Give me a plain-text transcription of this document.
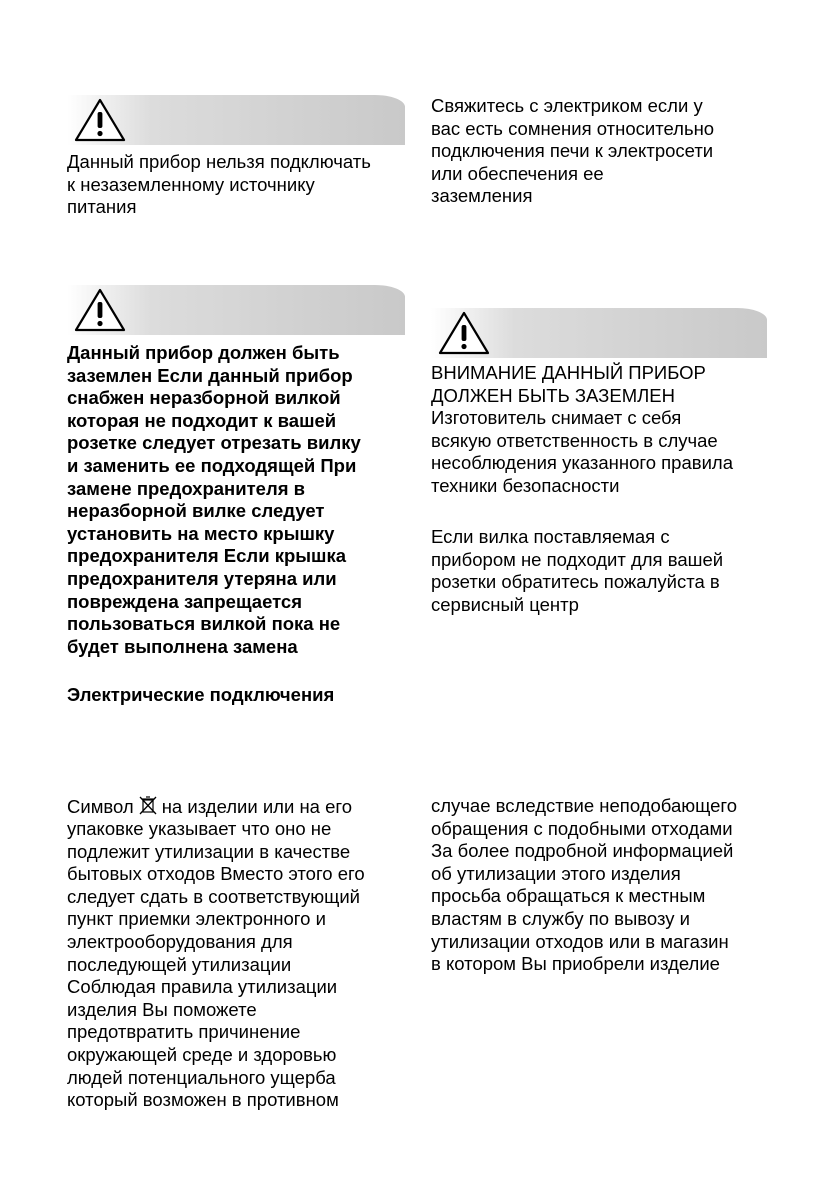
Данный прибор нельзя подключать
к незаземленному источнику
питания
Свяжитесь с электриком если у
вас есть сомнения относительно
подключения печи к электросети
или обеспечения ее
заземления
Данный прибор должен быть
заземлен Если данный прибор
снабжен неразборной вилкой
которая не подходит к вашей
розетке следует отрезать вилку
и заменить ее подходящей При
замене предохранителя в
неразборной вилке следует
установить на место крышку
предохранителя Если крышка
предохранителя утеряна или
повреждена запрещается
пользоваться вилкой пока не
будет выполнена замена
Электрические подключения
ВНИМАНИЕ ДАННЫЙ ПРИБОР
ДОЛЖЕН БЫТЬ ЗАЗЕМЛЕН
Изготовитель снимает с себя
всякую ответственность в случае
несоблюдения указанного правила
техники безопасности
Если вилка поставляемая с
прибором не подходит для вашей
розетки обратитесь пожалуйста в
сервисный центр
Символ на изделии или на его
упаковке указывает что оно не
подлежит утилизации в качестве
бытовых отходов Вместо этого его
следует сдать в соответствующий
пункт приемки электронного и
электрооборудования для
последующей утилизации
Соблюдая правила утилизации
изделия Вы поможете
предотвратить причинение
окружающей среде и здоровью
людей потенциального ущерба
который возможен в противном
случае вследствие неподобающего
обращения с подобными отходами
За более подробной информацией
об утилизации этого изделия
просьба обращаться к местным
властям в службу по вывозу и
утилизации отходов или в магазин
в котором Вы приобрели изделие
